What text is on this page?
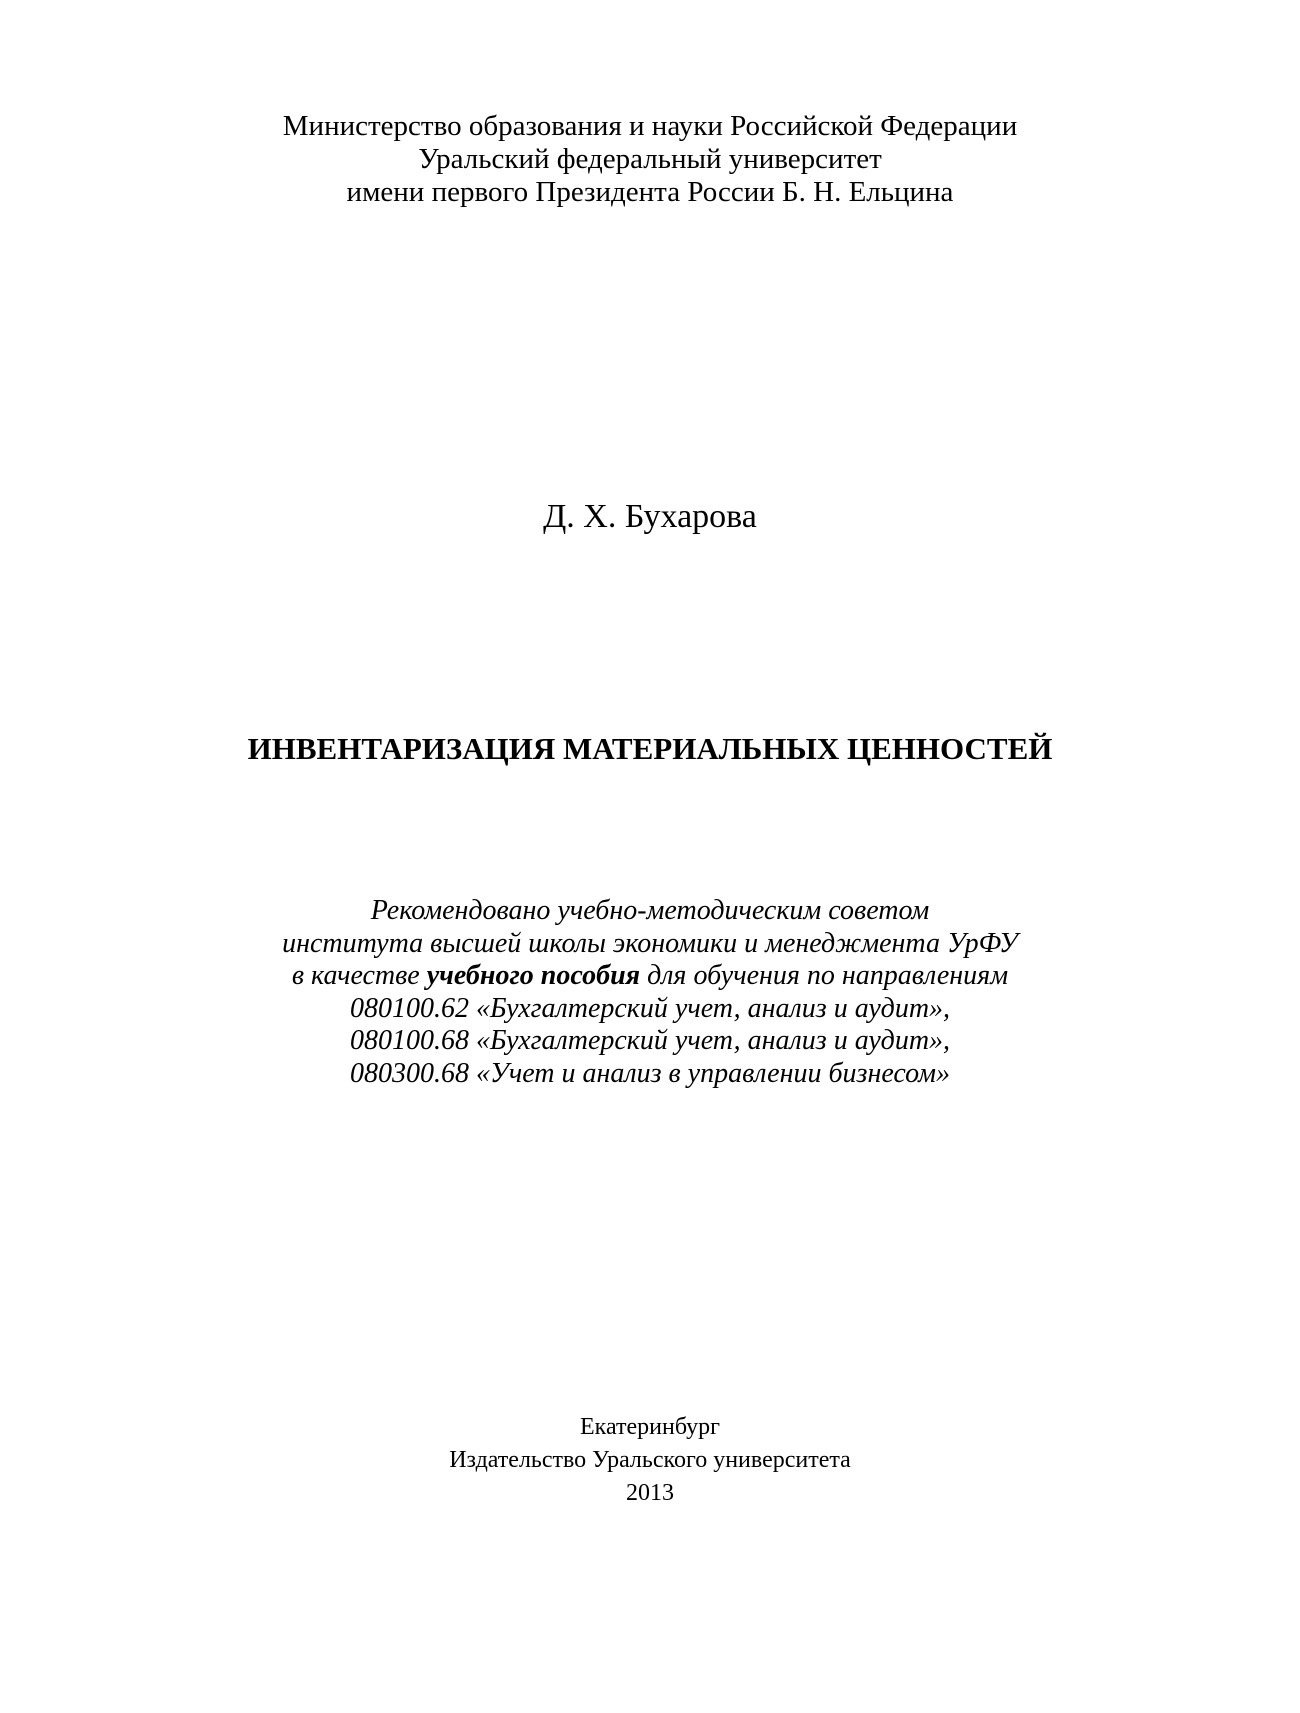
Министерство образования и науки Российской Федерации
Уральский федеральный университет
имени первого Президента России Б. Н. Ельцина
Д. Х. Бухарова
ИНВЕНТАРИЗАЦИЯ МАТЕРИАЛЬНЫХ ЦЕННОСТЕЙ
Рекомендовано учебно-методическим советом
института высшей школы экономики и менеджмента УрФУ
в качестве учебного пособия для обучения по направлениям
080100.62 «Бухгалтерский учет, анализ и аудит»,
080100.68 «Бухгалтерский учет, анализ и аудит»,
080300.68 «Учет и анализ в управлении бизнесом»
Екатеринбург
Издательство Уральского университета
2013
